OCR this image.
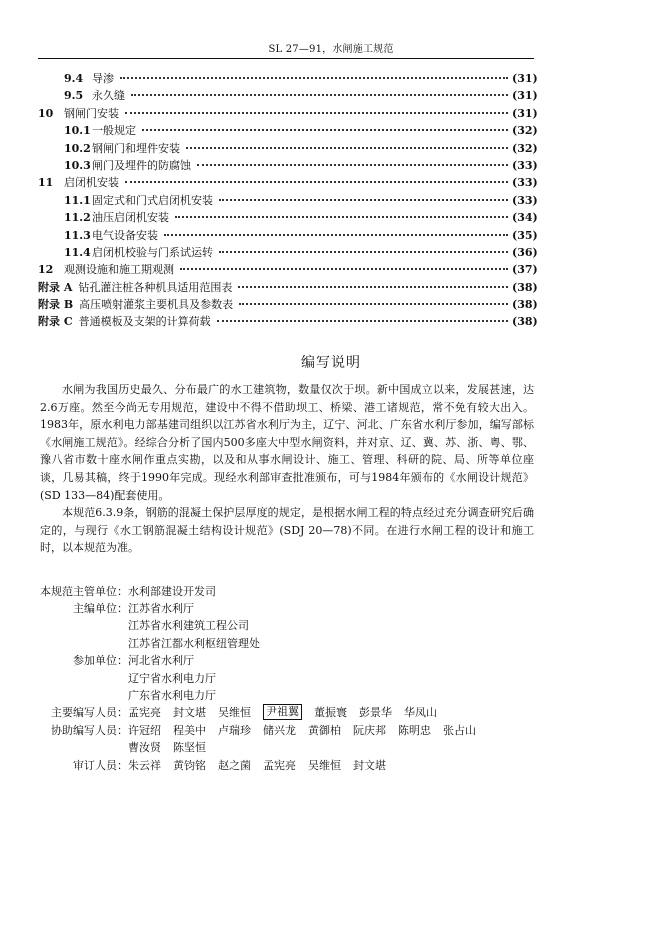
SL 27—91，水闸施工规范
9.4 导渗	(31)
9.5 永久缝	(31)
10 钢闸门安装	(31)
10.1 一般规定	(32)
10.2 钢闸门和埋件安装	(32)
10.3 闸门及埋件的防腐蚀	(33)
11 启闭机安装	(33)
11.1 固定式和门式启闭机安装	(33)
11.2 油压启闭机安装	(34)
11.3 电气设备安装	(35)
11.4 启闭机校验与门系试运转	(36)
12 观测设施和施工期观测	(37)
附录 A 钻孔灌注桩各种机具适用范围表	(38)
附录 B 高压喷射灌浆主要机具及参数表	(38)
附录 C 普通模板及支架的计算荷载	(38)
编写说明

水闸为我国历史最久、分布最广的水工建筑物，数量仅次于坝。新中国成立以来，发展甚速，达2.6万座。然至今尚无专用规范，建设中不得不借助坝工、桥梁、港工诸规范，常不免有较大出入。1983年，原水利电力部基建司组织以江苏省水利厅为主，辽宁、河北、广东省水利厅参加，编写部标《水闸施工规范》。经综合分析了国内500多座大中型水闸资料，并对京、辽、冀、苏、浙、粤、鄂、豫八省市数十座水闸作重点实勘，以及和从事水闸设计、施工、管理、科研的院、局、所等单位座谈，几易其稿，终于1990年完成。现经水利部审查批准颁布，可与1984年颁布的《水闸设计规范》(SD 133—84)配套使用。

本规范6.3.9条，钢筋的混凝土保护层厚度的规定，是根据水闸工程的特点经过充分调查研究后确定的，与现行《水工钢筋混凝土结构设计规范》(SDJ 20—78)不同。在进行水闸工程的设计和施工时，以本规范为准。

本规范主管单位： 水利部建设开发司
主编单位： 江苏省水利厅
江苏省水利建筑工程公司
江苏省江都水利枢纽管理处
参加单位： 河北省水利厅
辽宁省水利电力厅
广东省水利电力厅
主要编写人员： 孟宪亮 封文堪 吴维恒 尹祖翼 董振寰 彭景华 华凤山
协助编写人员： 许冠绍 程美中 卢瑞珍 储兴龙 黄御柏 阮庆邦 陈明忠 张占山
曹汝贤 陈坚恒
审订人员： 朱云祥 黄钧铭 赵之菌 孟宪亮 吴维恒 封文堪
